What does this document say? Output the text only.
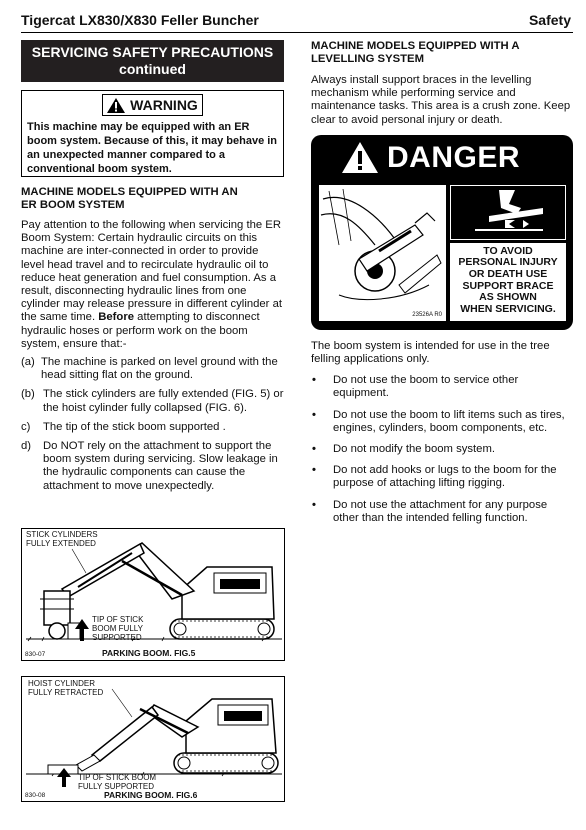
Tigercat LX830/X830 Feller Buncher	Safety
SERVICING SAFETY PRECAUTIONS
continued
WARNING
This machine may be equipped with an ER boom system. Because of this, it may behave in an unexpected manner compared to a conventional boom system.
MACHINE MODELS EQUIPPED WITH AN
ER BOOM SYSTEM

Pay attention to the following when servicing the ER Boom System: Certain hydraulic circuits on this machine are inter-connected in order to provide level head travel and to recirculate hydraulic oil to reduce heat generation and fuel consumption. As a result, disconnecting hydraulic lines from one cylinder may release pressure in different cylinder at the same time. Before attempting to disconnect hydraulic hoses or perform work on the boom system, ensure that:-

(a) The machine is parked on level ground with the head sitting flat on the ground.
(b) The stick cylinders are fully extended (FIG. 5) or the hoist cylinder fully collapsed (FIG. 6).
c)	The tip of the stick boom supported .
d)	Do NOT rely on the attachment to support the boom system during servicing. Slow leakage in the hydraulic components can cause the attachment to move unexpectedly.
STICK CYLINDERS
FULLY EXTENDED
TIP OF STICK
BOOM FULLY
SUPPORTED
830-07	PARKING BOOM. FIG.5
HOIST CYLINDER
FULLY RETRACTED
TIP OF STICK BOOM
FULLY SUPPORTED
830-08	PARKING BOOM. FIG.6
MACHINE MODELS EQUIPPED WITH A
LEVELLING SYSTEM

Always install support braces in the levelling mechanism while performing service and maintenance tasks. This area is a crush zone. Keep clear to avoid personal injury or death.

DANGER
23526A R0
TO AVOID
PERSONAL INJURY
OR DEATH USE
SUPPORT BRACE
AS SHOWN
WHEN SERVICING.

The boom system is intended for use in the tree felling applications only.

•	Do not use the boom to service other equipment.
•	Do not use the boom to lift items such as tires, engines, cylinders, boom components, etc.
•	Do not modify the boom system.
•	Do not add hooks or lugs to the boom for the purpose of attaching lifting rigging.
•	Do not use the attachment for any purpose other than the intended felling function.
